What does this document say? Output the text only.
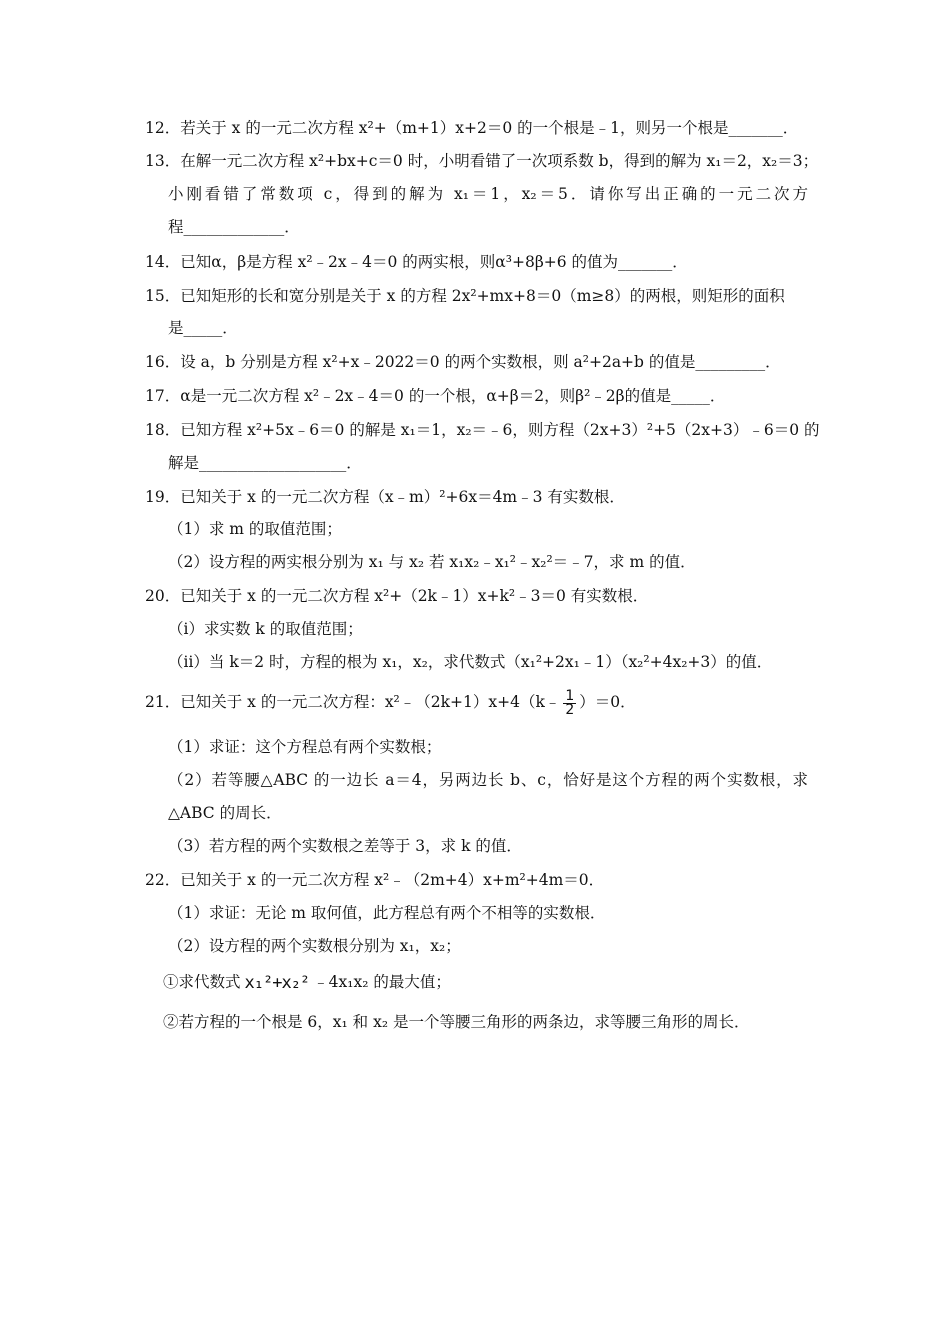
12．若关于 x 的一元二次方程 x²+（m+1）x+2＝0 的一个根是﹣1，则另一个根是_______．
13．在解一元二次方程 x²+bx+c＝0 时，小明看错了一次项系数 b，得到的解为 x₁＝2，x₂＝3；
小刚看错了常数项 c，得到的解为 x₁＝1，x₂＝5．请你写出正确的一元二次方
程_____________．
14．已知α，β是方程 x²﹣2x﹣4＝0 的两实根，则α³+8β+6 的值为_______．
15．已知矩形的长和宽分别是关于 x 的方程 2x²+mx+8＝0（m≥8）的两根，则矩形的面积
是_____．
16．设 a，b 分别是方程 x²+x﹣2022＝0 的两个实数根，则 a²+2a+b 的值是_________．
17．α是一元二次方程 x²﹣2x﹣4＝0 的一个根，α+β＝2，则β²﹣2β的值是_____．
18．已知方程 x²+5x﹣6＝0 的解是 x₁＝1，x₂＝﹣6，则方程（2x+3）²+5（2x+3）﹣6＝0 的
解是___________________．
19．已知关于 x 的一元二次方程（x﹣m）²+6x＝4m﹣3 有实数根．
（1）求 m 的取值范围；
（2）设方程的两实根分别为 x₁ 与 x₂ 若 x₁x₂﹣x₁²﹣x₂²＝﹣7，求 m 的值．
20．已知关于 x 的一元二次方程 x²+（2k﹣1）x+k²﹣3＝0 有实数根．
（ⅰ）求实数 k 的取值范围；
（ⅱ）当 k＝2 时，方程的根为 x₁，x₂，求代数式（x₁²+2x₁﹣1）（x₂²+4x₂+3）的值．
21．已知关于 x 的一元二次方程：x²﹣（2k+1）x+4（k﹣ $\frac{1}{2} )=0$．
（1）求证：这个方程总有两个实数根；
（2）若等腰△ABC 的一边长 a＝4，另两边长 b、c，恰好是这个方程的两个实数根，求
△ABC 的周长．
（3）若方程的两个实数根之差等于 3，求 k 的值．
22．已知关于 x 的一元二次方程 x²﹣（2m+4）x+m²+4m＝0．
（1）求证：无论 m 取何值，此方程总有两个不相等的实数根．
（2）设方程的两个实数根分别为 x₁，x₂；
①求代数式 x₁²+x₂² ﹣4x₁x₂ 的最大值；
②若方程的一个根是 6，x₁ 和 x₂ 是一个等腰三角形的两条边，求等腰三角形的周长．
